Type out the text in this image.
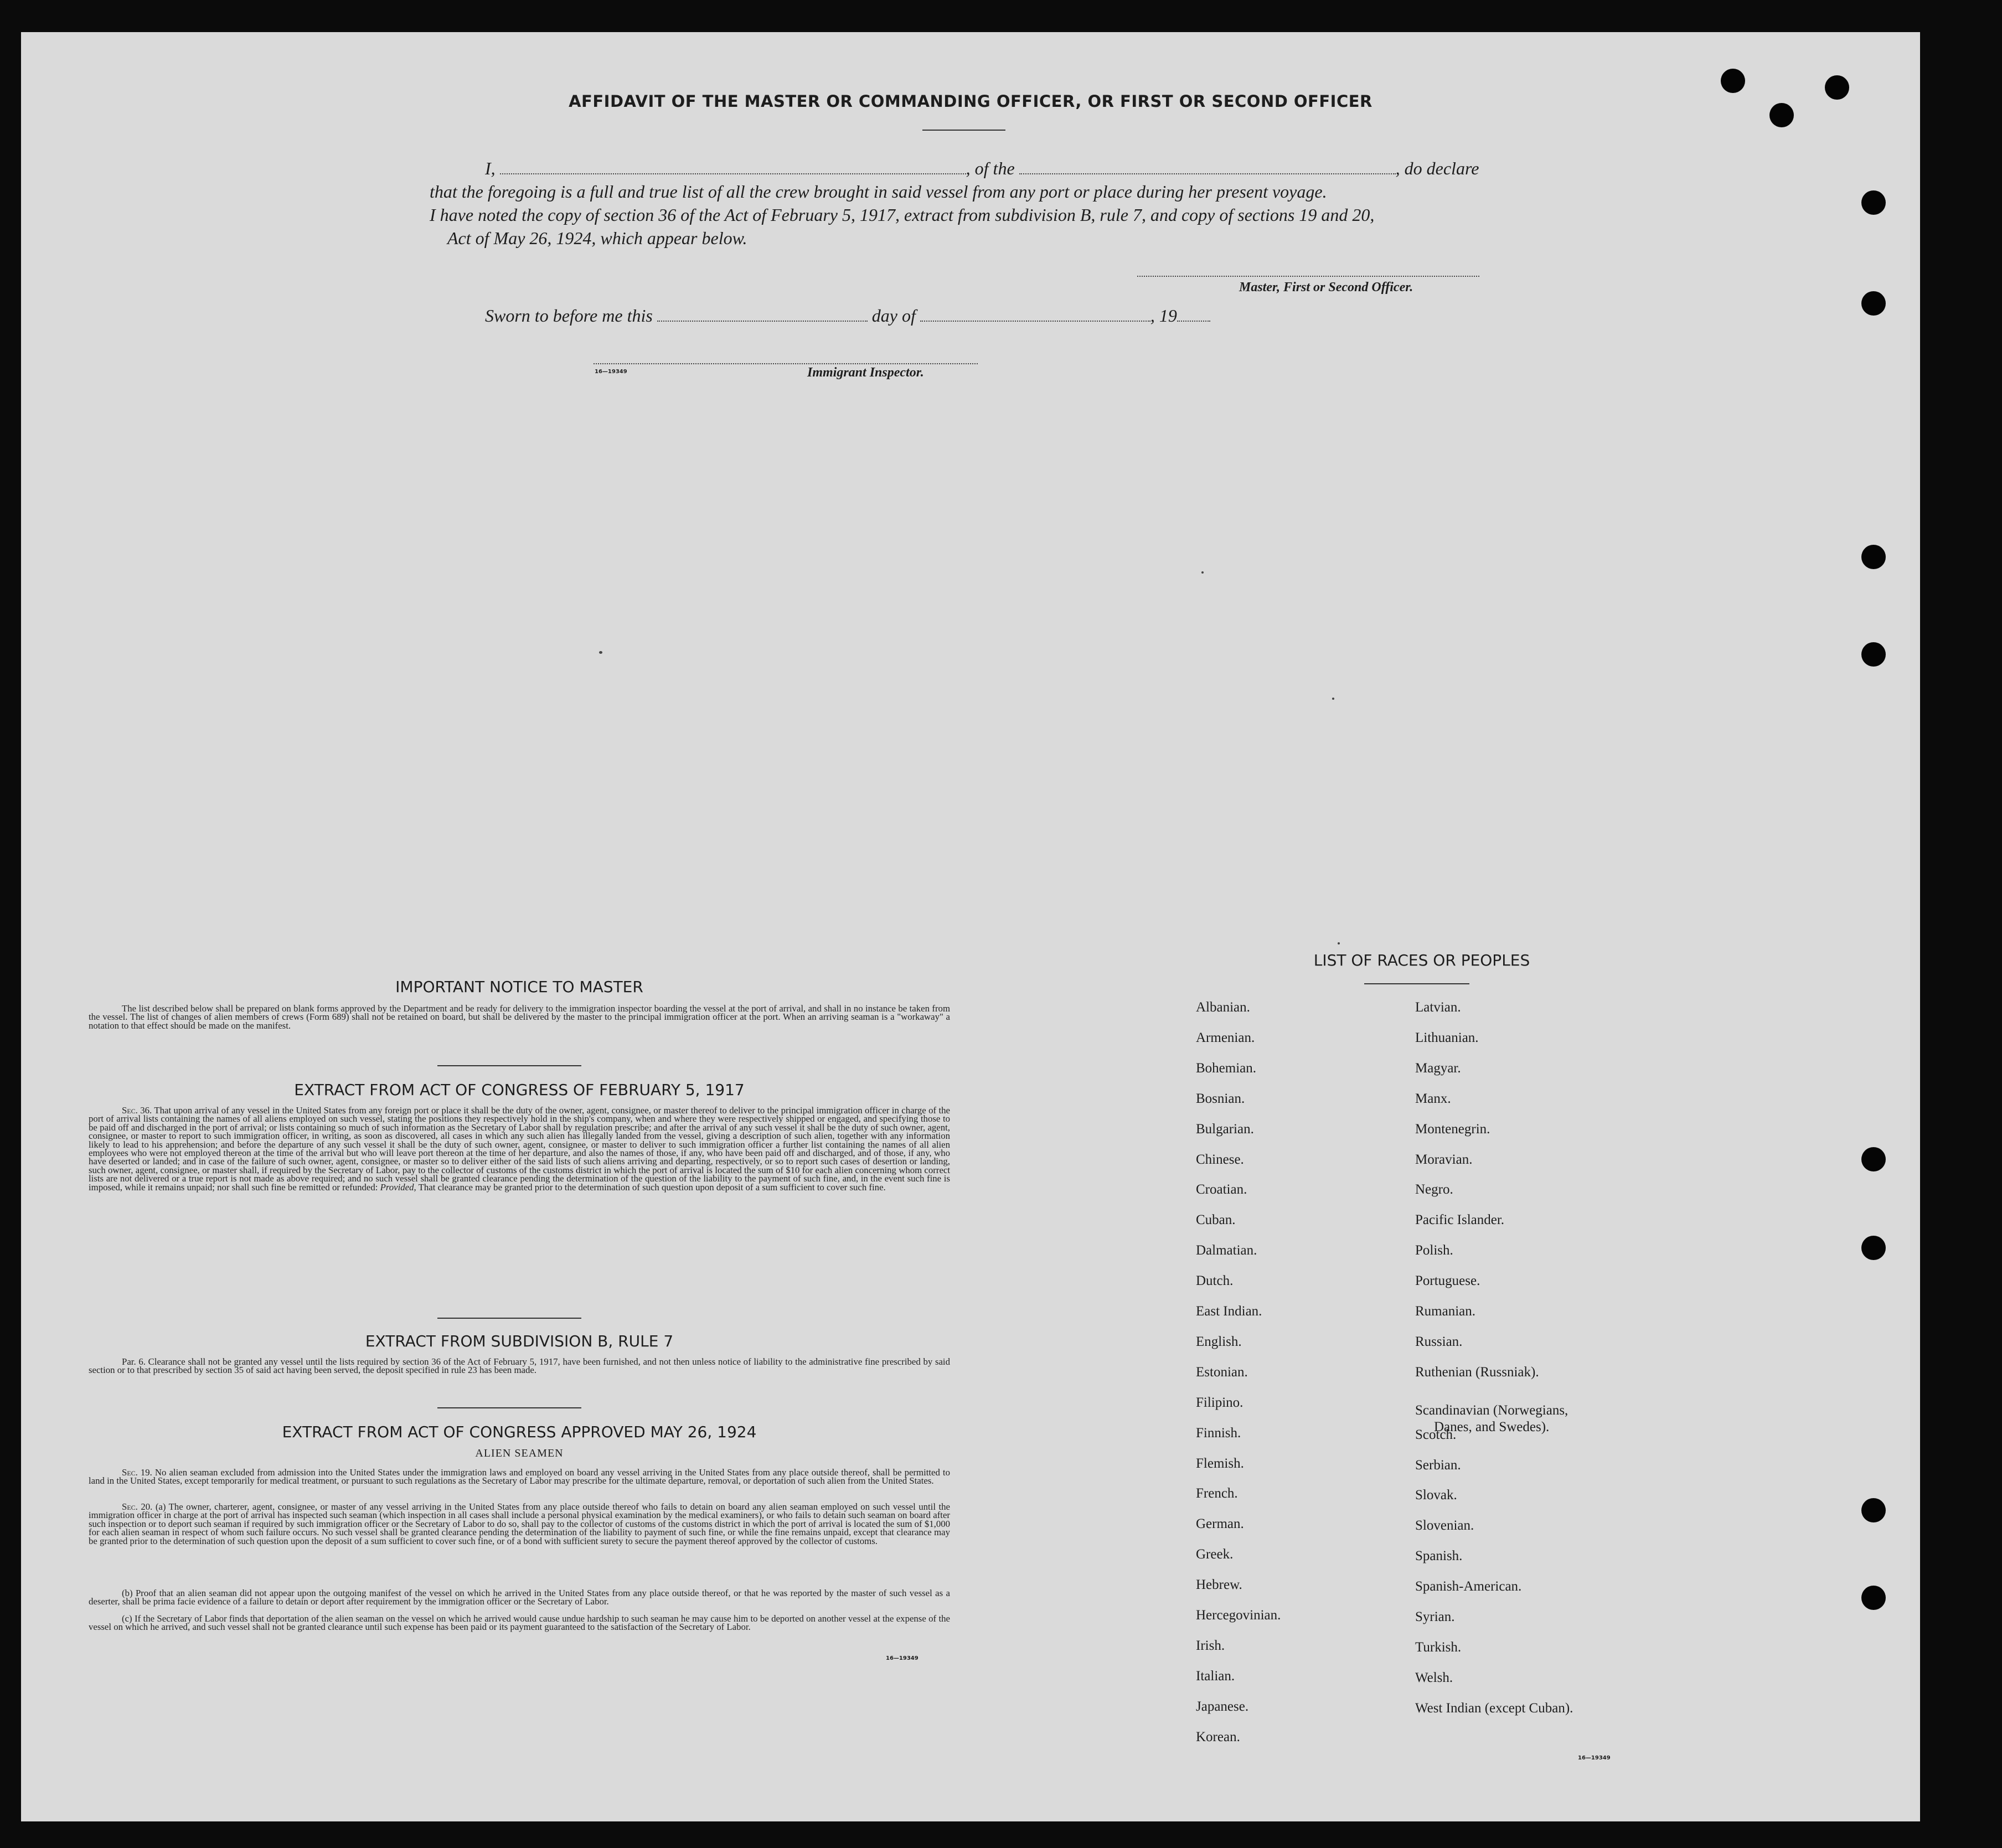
AFFIDAVIT OF THE MASTER OR COMMANDING OFFICER, OR FIRST OR SECOND OFFICER
I,	, of the	, do declare
that the foregoing is a full and true list of all the crew brought in said vessel from any port or place during her present voyage.
I have noted the copy of section 36 of the Act of February 5, 1917, extract from subdivision B, rule 7, and copy of sections 19 and 20,
Act of May 26, 1924, which appear below.
Master, First or Second Officer.
Sworn to before me this	day of	, 19
16—19349	Immigrant Inspector.
IMPORTANT NOTICE TO MASTER
The list described below shall be prepared on blank forms approved by the Department and be ready for delivery to the immigration inspector boarding the vessel at the port of arrival, and shall in no instance be taken from the vessel. The list of changes of alien members of crews (Form 689) shall not be retained on board, but shall be delivered by the master to the principal immigration officer at the port. When an arriving seaman is a "workaway" a notation to that effect should be made on the manifest.
EXTRACT FROM ACT OF CONGRESS OF FEBRUARY 5, 1917
Sec. 36. That upon arrival of any vessel in the United States from any foreign port or place it shall be the duty of the owner, agent, consignee, or master thereof to deliver to the principal immigration officer in charge of the port of arrival lists containing the names of all aliens employed on such vessel, stating the positions they respectively hold in the ship's company, when and where they were respectively shipped or engaged, and specifying those to be paid off and discharged in the port of arrival; or lists containing so much of such information as the Secretary of Labor shall by regulation prescribe; and after the arrival of any such vessel it shall be the duty of such owner, agent, consignee, or master to report to such immigration officer, in writing, as soon as discovered, all cases in which any such alien has illegally landed from the vessel, giving a description of such alien, together with any information likely to lead to his apprehension; and before the departure of any such vessel it shall be the duty of such owner, agent, consignee, or master to deliver to such immigration officer a further list containing the names of all alien employees who were not employed thereon at the time of the arrival but who will leave port thereon at the time of her departure, and also the names of those, if any, who have been paid off and discharged, and of those, if any, who have deserted or landed; and in case of the failure of such owner, agent, consignee, or master so to deliver either of the said lists of such aliens arriving and departing, respectively, or so to report such cases of desertion or landing, such owner, agent, consignee, or master shall, if required by the Secretary of Labor, pay to the collector of customs of the customs district in which the port of arrival is located the sum of $10 for each alien concerning whom correct lists are not delivered or a true report is not made as above required; and no such vessel shall be granted clearance pending the determination of the question of the liability to the payment of such fine, and, in the event such fine is imposed, while it remains unpaid; nor shall such fine be remitted or refunded: Provided, That clearance may be granted prior to the determination of such question upon deposit of a sum sufficient to cover such fine.
EXTRACT FROM SUBDIVISION B, RULE 7
Par. 6. Clearance shall not be granted any vessel until the lists required by section 36 of the Act of February 5, 1917, have been furnished, and not then unless notice of liability to the administrative fine prescribed by said section or to that prescribed by section 35 of said act having been served, the deposit specified in rule 23 has been made.
EXTRACT FROM ACT OF CONGRESS APPROVED MAY 26, 1924
ALIEN SEAMEN
Sec. 19. No alien seaman excluded from admission into the United States under the immigration laws and employed on board any vessel arriving in the United States from any place outside thereof, shall be permitted to land in the United States, except temporarily for medical treatment, or pursuant to such regulations as the Secretary of Labor may prescribe for the ultimate departure, removal, or deportation of such alien from the United States.
Sec. 20. (a) The owner, charterer, agent, consignee, or master of any vessel arriving in the United States from any place outside thereof who fails to detain on board any alien seaman employed on such vessel until the immigration officer in charge at the port of arrival has inspected such seaman (which inspection in all cases shall include a personal physical examination by the medical examiners), or who fails to detain such seaman on board after such inspection or to deport such seaman if required by such immigration officer or the Secretary of Labor to do so, shall pay to the collector of customs of the customs district in which the port of arrival is located the sum of $1,000 for each alien seaman in respect of whom such failure occurs. No such vessel shall be granted clearance pending the determination of the liability to payment of such fine, or while the fine remains unpaid, except that clearance may be granted prior to the determination of such question upon the deposit of a sum sufficient to cover such fine, or of a bond with sufficient surety to secure the payment thereof approved by the collector of customs.
(b) Proof that an alien seaman did not appear upon the outgoing manifest of the vessel on which he arrived in the United States from any place outside thereof, or that he was reported by the master of such vessel as a deserter, shall be prima facie evidence of a failure to detain or deport after requirement by the immigration officer or the Secretary of Labor.
(c) If the Secretary of Labor finds that deportation of the alien seaman on the vessel on which he arrived would cause undue hardship to such seaman he may cause him to be deported on another vessel at the expense of the vessel on which he arrived, and such vessel shall not be granted clearance until such expense has been paid or its payment guaranteed to the satisfaction of the Secretary of Labor.
16—19349
LIST OF RACES OR PEOPLES
Albanian.
Armenian.
Bohemian.
Bosnian.
Bulgarian.
Chinese.
Croatian.
Cuban.
Dalmatian.
Dutch.
East Indian.
English.
Estonian.
Filipino.
Finnish.
Flemish.
French.
German.
Greek.
Hebrew.
Hercegovinian.
Irish.
Italian.
Japanese.
Korean.
Latvian.
Lithuanian.
Magyar.
Manx.
Montenegrin.
Moravian.
Negro.
Pacific Islander.
Polish.
Portuguese.
Rumanian.
Russian.
Ruthenian (Russniak).
Scandinavian (Norwegians,
Danes, and Swedes).
Scotch.
Serbian.
Slovak.
Slovenian.
Spanish.
Spanish-American.
Syrian.
Turkish.
Welsh.
West Indian (except Cuban).
16—19349
